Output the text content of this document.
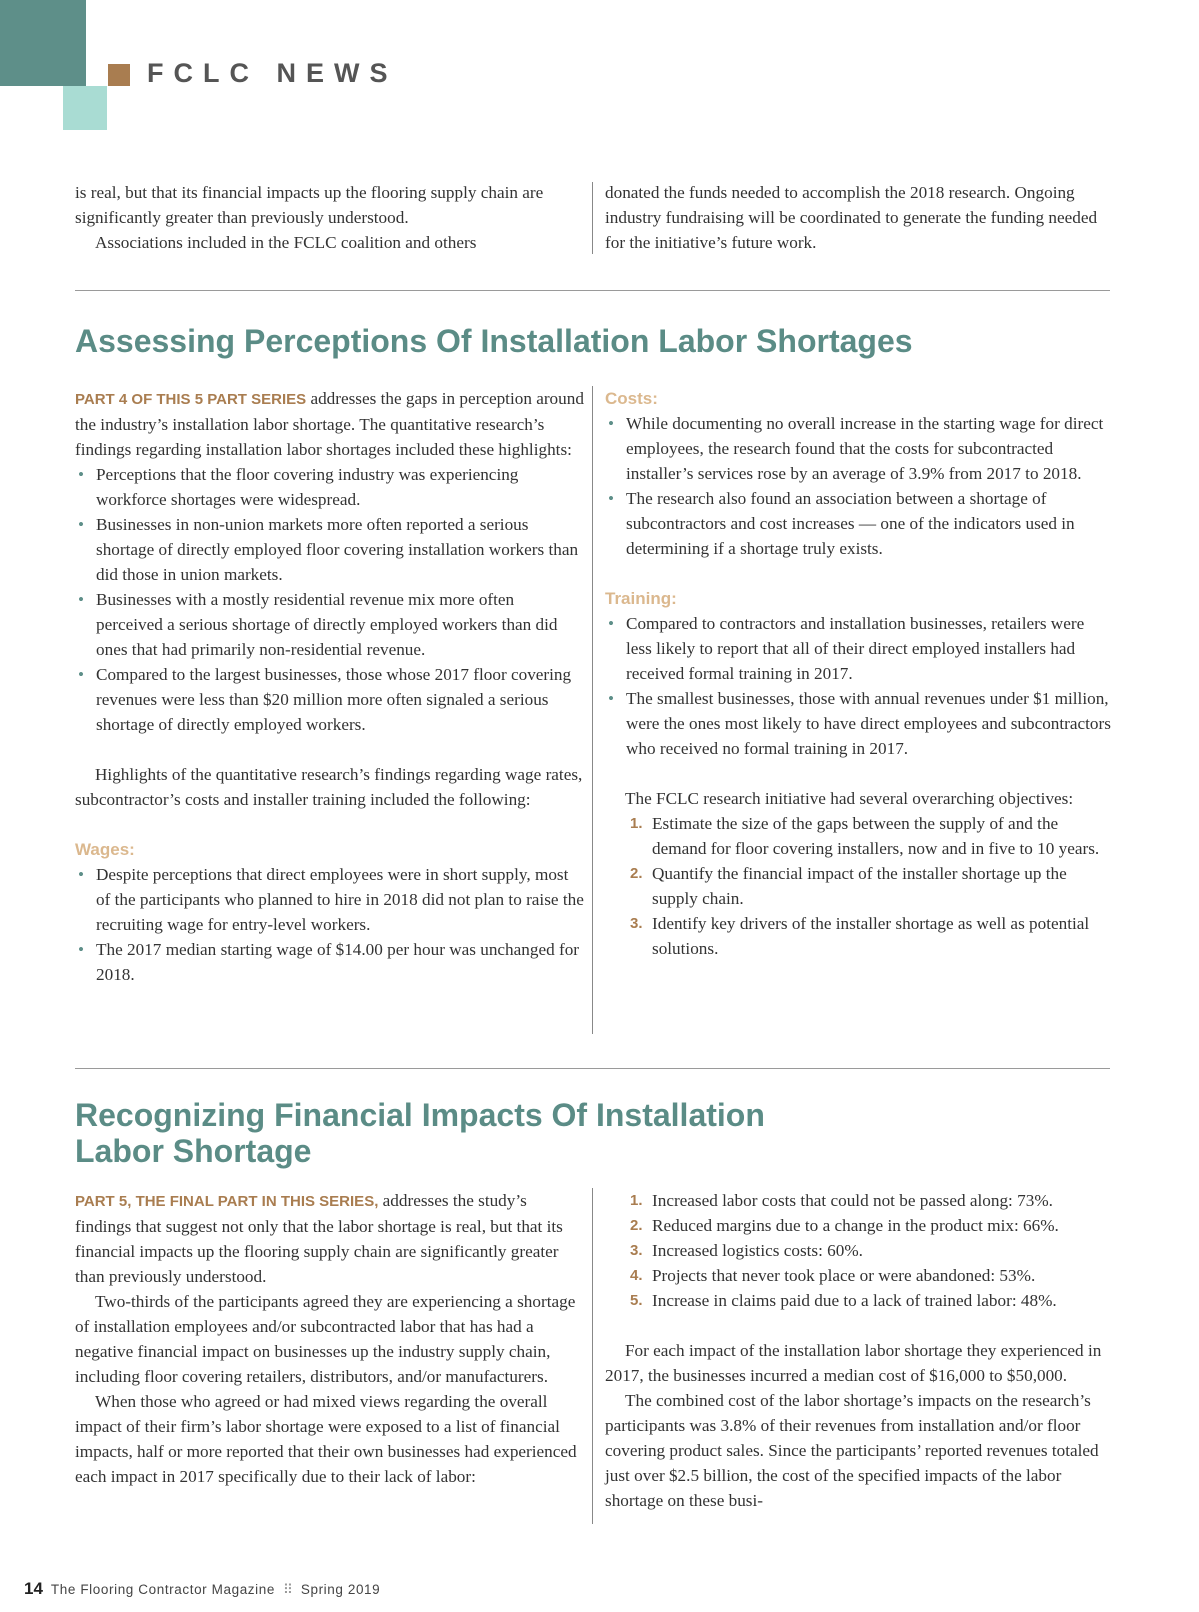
FCLC NEWS

is real, but that its financial impacts up the flooring supply chain are significantly greater than previously understood.

Associations included in the FCLC coalition and others

donated the funds needed to accomplish the 2018 research. Ongoing industry fundraising will be coordinated to generate the funding needed for the initiative’s future work.

Assessing Perceptions Of Installation Labor Shortages

PART 4 OF THIS 5 PART SERIES addresses the gaps in perception around the industry’s installation labor shortage. The quantitative research’s findings regarding installation labor shortages included these highlights:

• Perceptions that the floor covering industry was experiencing workforce shortages were widespread.
• Businesses in non-union markets more often reported a serious shortage of directly employed floor covering installation workers than did those in union markets.
• Businesses with a mostly residential revenue mix more often perceived a serious shortage of directly employed workers than did ones that had primarily non-residential revenue.
• Compared to the largest businesses, those whose 2017 floor covering revenues were less than $20 million more often signaled a serious shortage of directly employed workers.

Highlights of the quantitative research’s findings regarding wage rates, subcontractor’s costs and installer training included the following:

Wages:

• Despite perceptions that direct employees were in short supply, most of the participants who planned to hire in 2018 did not plan to raise the recruiting wage for entry-level workers.
• The 2017 median starting wage of $14.00 per hour was unchanged for 2018.

Costs:

• While documenting no overall increase in the starting wage for direct employees, the research found that the costs for subcontracted installer’s services rose by an average of 3.9% from 2017 to 2018.
• The research also found an association between a shortage of subcontractors and cost increases — one of the indicators used in determining if a shortage truly exists.

Training:

• Compared to contractors and installation businesses, retailers were less likely to report that all of their direct employed installers had received formal training in 2017.
• The smallest businesses, those with annual revenues under $1 million, were the ones most likely to have direct employees and subcontractors who received no formal training in 2017.

The FCLC research initiative had several overarching objectives:

1. Estimate the size of the gaps between the supply of and the demand for floor covering installers, now and in five to 10 years.
2. Quantify the financial impact of the installer shortage up the supply chain.
3. Identify key drivers of the installer shortage as well as potential solutions.
Recognizing Financial Impacts Of Installation
Labor Shortage

PART 5, THE FINAL PART IN THIS SERIES, addresses the study’s findings that suggest not only that the labor shortage is real, but that its financial impacts up the flooring supply chain are significantly greater than previously understood.

Two-thirds of the participants agreed they are experiencing a shortage of installation employees and/or subcontracted labor that has had a negative financial impact on businesses up the industry supply chain, including floor covering retailers, distributors, and/or manufacturers.

When those who agreed or had mixed views regarding the overall impact of their firm’s labor shortage were exposed to a list of financial impacts, half or more reported that their own businesses had experienced each impact in 2017 specifically due to their lack of labor:

1. Increased labor costs that could not be passed along: 73%.
2. Reduced margins due to a change in the product mix: 66%.
3. Increased logistics costs: 60%.
4. Projects that never took place or were abandoned: 53%.
5. Increase in claims paid due to a lack of trained labor: 48%.

For each impact of the installation labor shortage they experienced in 2017, the businesses incurred a median cost of $16,000 to $50,000.

The combined cost of the labor shortage’s impacts on the research’s participants was 3.8% of their revenues from installation and/or floor covering product sales. Since the participants’ reported revenues totaled just over $2.5 billion, the cost of the specified impacts of the labor shortage on these busi-

14 The Flooring Contractor Magazine ⠿ Spring 2019
